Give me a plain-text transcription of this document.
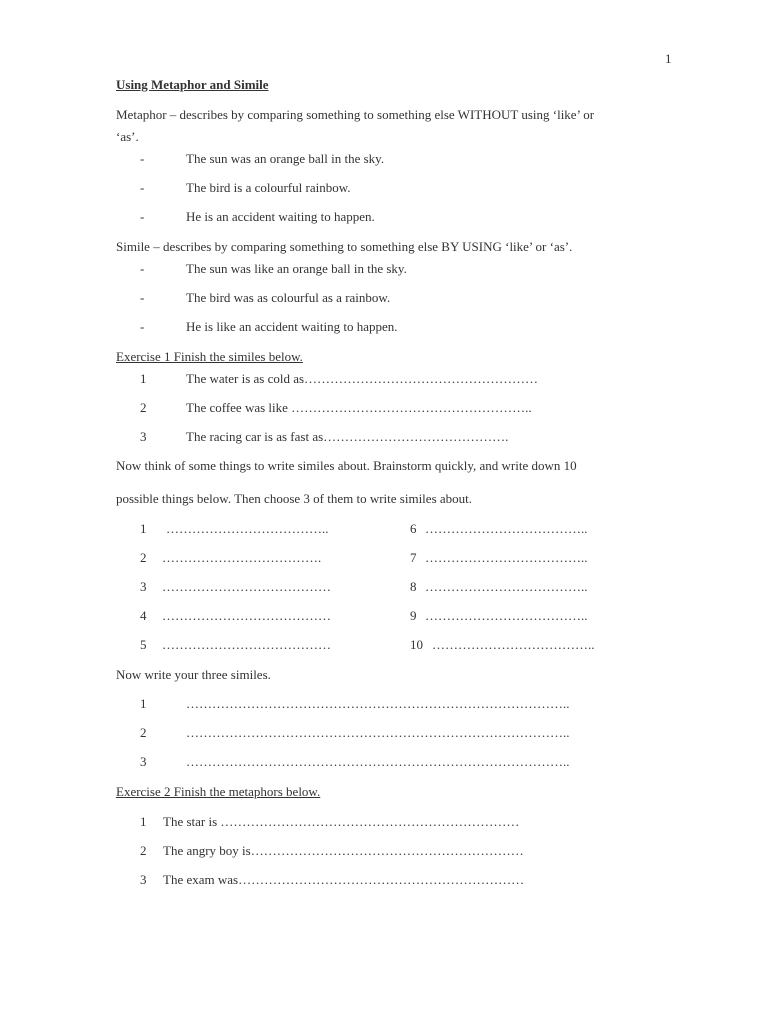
1
Using Metaphor and Simile
Metaphor – describes by comparing something to something else WITHOUT using ‘like’ or
‘as’.
-	The sun was an orange ball in the sky.
-	The bird is a colourful rainbow.
-	He is an accident waiting to happen.
Simile – describes by comparing something to something else BY USING ‘like’ or ‘as’.
-	The sun was like an orange ball in the sky.
-	The bird was as colourful as a rainbow.
-	He is like an accident waiting to happen.
Exercise 1 Finish the similes below.
1	The water is as cold as………………………………………………
2	The coffee was like ………………………………………………..
3	The racing car is as fast as…………………………………….
Now think of some things to write similes about. Brainstorm quickly, and write down 10
possible things below. Then choose 3 of them to write similes about.
1 ………………………………..
2 ……………………………….
3 …………………………………
4 …………………………………
5 …………………………………
6 ………………………………..
7 ………………………………..
8 ………………………………..
9 ………………………………..
10 ………………………………..
Now write your three similes.
1	……………………………………………………………………………..
2	……………………………………………………………………………..
3	……………………………………………………………………………..
Exercise 2 Finish the metaphors below.
1 The star is ……………………………………………………………
2 The angry boy is………………………………………………………
3 The exam was…………………………………………………………
